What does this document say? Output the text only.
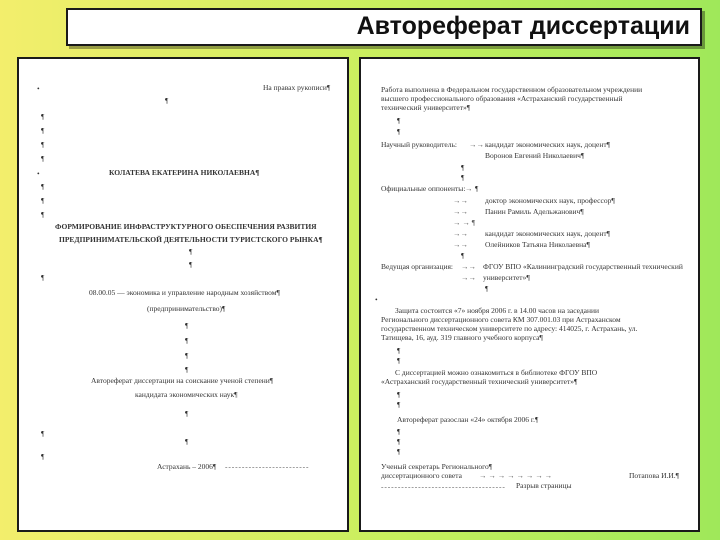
Автореферат диссертации
•	На правах рукописи¶
¶
¶
¶
¶
¶
•	КОЛАТЕВА ЕКАТЕРИНА НИКОЛАЕВНА¶
¶
¶
¶
ФОРМИРОВАНИЕ ИНФРАСТРУКТУРНОГО ОБЕСПЕЧЕНИЯ РАЗВИТИЯ
ПРЕДПРИНИМАТЕЛЬСКОЙ ДЕЯТЕЛЬНОСТИ ТУРИСТСКОГО РЫНКА¶
¶
¶
¶
08.00.05 — экономика и управление народным хозяйством¶
(предпринимательство)¶
¶
¶
¶
¶
Автореферат диссертации на соискание ученой степени¶
кандидата экономических наук¶
¶
¶
¶
¶
Астрахань – 2006¶ - - - - - - - - - - - - - - - - - - - - - - - - -
Работа выполнена в Федеральном государственном образовательном учреждении
высшего профессионального образования «Астраханский государственный
технический университет»¶
¶
¶
Научный руководитель: →→ кандидат экономических наук, доцент¶
Воронов Евгений Николаевич¶
¶
¶
Официальные оппоненты: → ¶
→→ доктор экономических наук, профессор¶
→→ Панин Рамиль Адельжанович¶
→ → ¶
→→ кандидат экономических наук, доцент¶
→→ Олейников Татьяна Николаевна¶
¶
Ведущая организация: →→ ФГОУ ВПО «Калининградский государственный технический
→→ университет»¶
¶
•
Защита состоится «7» ноября 2006 г. в 14.00 часов на заседании
Регионального диссертационного совета КМ 307.001.03 при Астраханском
государственном техническом университете по адресу: 414025, г. Астрахань, ул.
Татищева, 16, ауд. 319 главного учебного корпуса¶
¶
¶
С диссертацией можно ознакомиться в библиотеке ФГОУ ВПО
«Астраханский государственный технический университет»¶
¶
¶
Автореферат разослан «24» октября 2006 г.¶
¶
¶
¶
Ученый секретарь Регионального¶
диссертационного совета → → → → → → → →	Потапова И.И.¶
- - - - - - - - - - - - - - - - - - - - - - - - - - - - - - - - - - - - -	Разрыв страницы
